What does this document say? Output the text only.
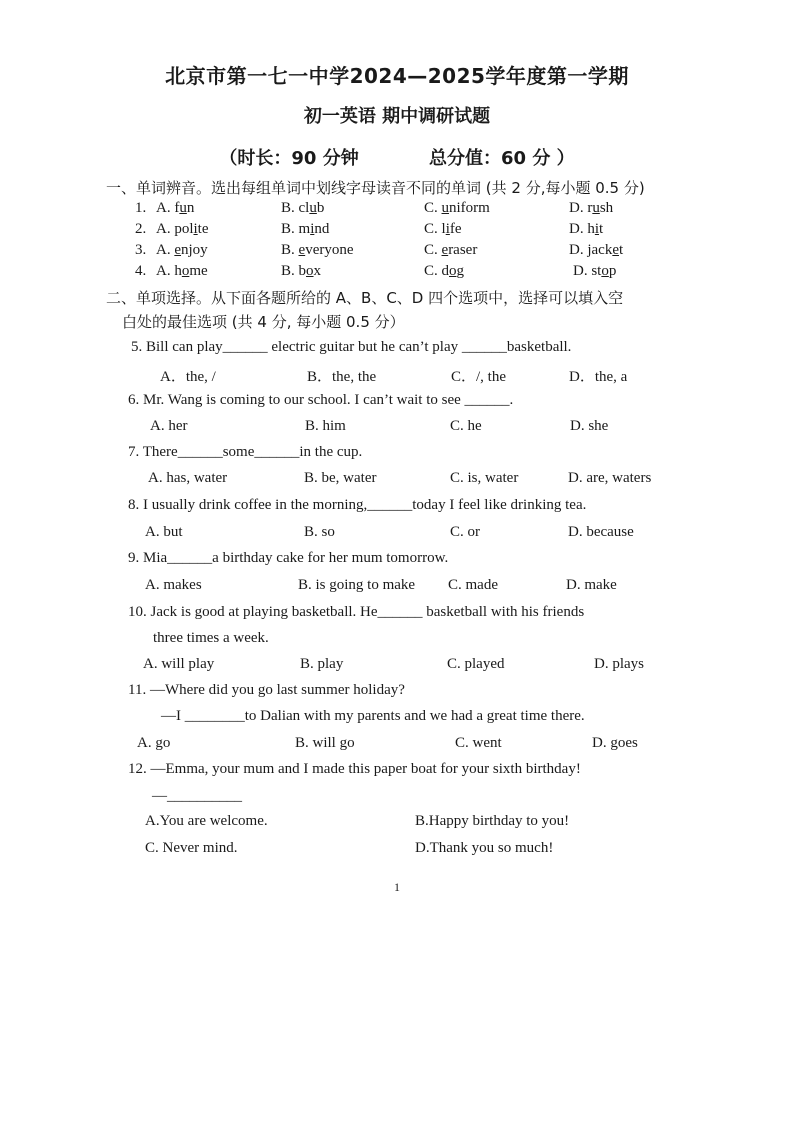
北京市第一七一中学2024—2025学年度第一学期
初一英语 期中调研试题
（时长：90 分钟	总分值：60 分 ）
一、单词辨音。选出每组单词中划线字母读音不同的单词 (共 2 分,每小题 0.5 分)
1. A. fun	B. club	C. uniform	D. rush
2. A. polite	B. mind	C. life	D. hit
3. A. enjoy	B. everyone	C. eraser	D. jacket
4. A. home	B. box	C. dog	D. stop
二、单项选择。从下面各题所给的 A、B、C、D 四个选项中，选择可以填入空
白处的最佳选项 (共 4 分, 每小题 0.5 分）
5. Bill can play______ electric guitar but he can’t play ______basketball.
A．the, /	B．the, the	C．/, the	D．the, a
6. Mr. Wang is coming to our school. I can’t wait to see ______.
A. her	B. him	C. he	D. she
7. There______some______in the cup.
A. has, water	B. be, water	C. is, water	D. are, waters
8. I usually drink coffee in the morning,______today I feel like drinking tea.
A. but	B. so	C. or	D. because
9. Mia______a birthday cake for her mum tomorrow.
A. makes	B. is going to make C. made	D. make
10. Jack is good at playing basketball. He______ basketball with his friends
three times a week.
A. will play	B. play	C. played	D. plays
11. —Where did you go last summer holiday?
—I ________to Dalian with my parents and we had a great time there.
A. go	B. will go	C. went	D. goes
12. —Emma, your mum and I made this paper boat for your sixth birthday!
—__________
A.You are welcome.	B.Happy birthday to you!
C. Never mind.	D.Thank you so much!
1
